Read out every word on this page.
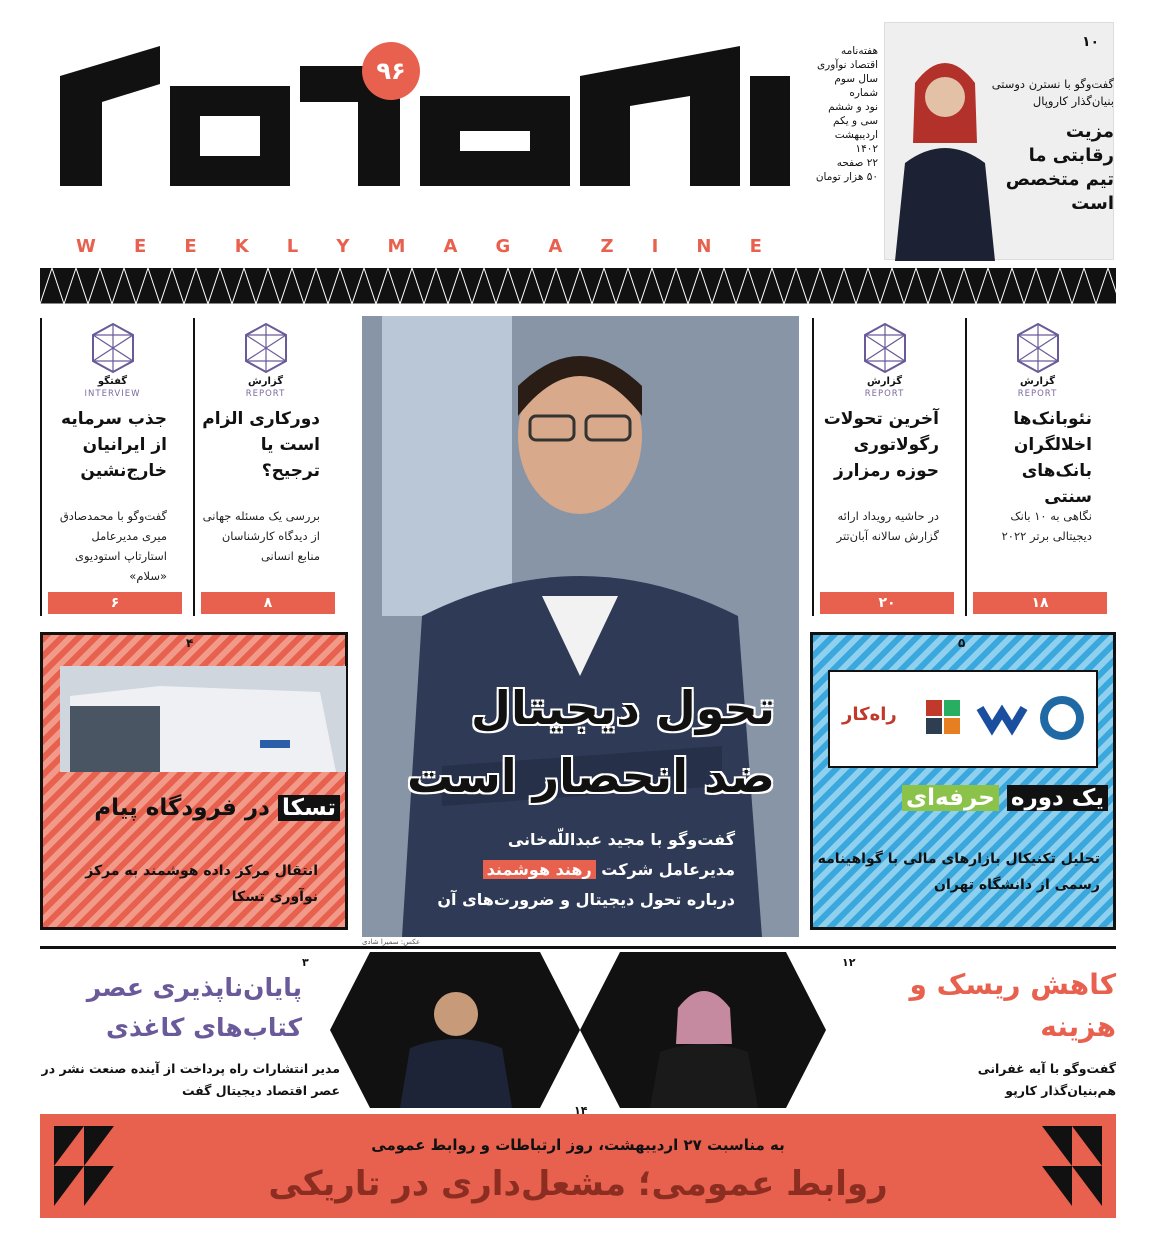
K	A	R	A	N	G
W E E K L Y M A G A Z I N E
۹۶
هفته‌نامه
اقتصاد نوآوری
سال سوم
شماره
نود و ششم
سی و یکم
اردیبهشت
۱۴۰۲
۲۲ صفحه
۵۰ هزار تومان
۱۰
گفت‌وگو با نسترن دوستی بنیان‌گذار کاروپال
مزیت رقابتی ما تیم متخصص است
گفتگو
INTERVIEW
جذب سرمایه از ایرانیان خارج‌نشین
گفت‌وگو با محمدصادق میری مدیرعامل استارتاپ استودیوی «سلام»
۶
گزارش
REPORT
دورکاری الزام است یا ترجیح؟
بررسی یک مسئله جهانی از دیدگاه کارشناسان منابع انسانی
۸
گزارش
REPORT
آخرین تحولات رگولاتوری حوزه رمزارز
در حاشیه رویداد ارائه گزارش سالانه آبان‌تتر
۲۰
گزارش
REPORT
نئوبانک‌ها اخلالگران بانک‌های سنتی
نگاهی به ۱۰ بانک دیجیتالی برتر ۲۰۲۲
۱۸
تحول دیجیتال
ضد انحصار است
گفت‌وگو با مجید عبداللّه‌خانی
مدیرعامل شرکت رهند هوشمند
درباره تحول دیجیتال و ضرورت‌های آن
عکس: سمیرا شادی
۴
تسکا در فرودگاه پیام
انتقال مرکز داده هوشمند به مرکز نوآوری تسکا
۵
راه‌کار
یک دوره حرفه‌ای
تحلیل تکنیکال بازارهای مالی با گواهینامه رسمی از دانشگاه تهران
۳
پایان‌ناپذیری عصر کتاب‌های کاغذی
مدیر انتشارات راه پرداخت از آینده صنعت نشر در عصر اقتصاد دیجیتال گفت
۱۲
کاهش ریسک و هزینه
گفت‌وگو با آیه غفرانی هم‌بنیان‌گذار کارپو
۱۴
به مناسبت ۲۷ اردیبهشت، روز ارتباطات و روابط عمومی
روابط عمومی؛ مشعل‌داری در تاریکی
